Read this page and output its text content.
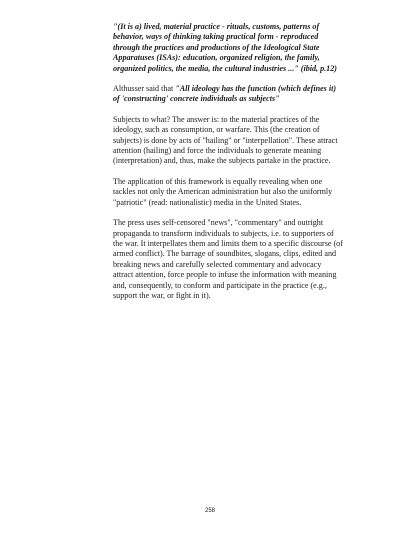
"(It is a) lived, material practice - rituals, customs, patterns of behavior, ways of thinking taking practical form - reproduced through the practices and productions of the Ideological State Apparatuses (ISAs): education, organized religion, the family, organized politics, the media, the cultural industries ..." (ibid, p.12)

Althusser said that "All ideology has the function (which defines it) of 'constructing' concrete individuals as subjects"

Subjects to what? The answer is: to the material practices of the ideology, such as consumption, or warfare. This (the creation of subjects) is done by acts of "hailing" or "interpellation". These attract attention (hailing) and force the individuals to generate meaning (interpretation) and, thus, make the subjects partake in the practice.

The application of this framework is equally revealing when one tackles not only the American administration but also the uniformly "patriotic" (read: nationalistic) media in the United States.

The press uses self-censored "news", "commentary" and outright propaganda to transform individuals to subjects, i.e. to supporters of the war. It interpellates them and limits them to a specific discourse (of armed conflict). The barrage of soundbites, slogans, clips, edited and breaking news and carefully selected commentary and advocacy attract attention, force people to infuse the information with meaning and, consequently, to conform and participate in the practice (e.g., support the war, or fight in it).

258
